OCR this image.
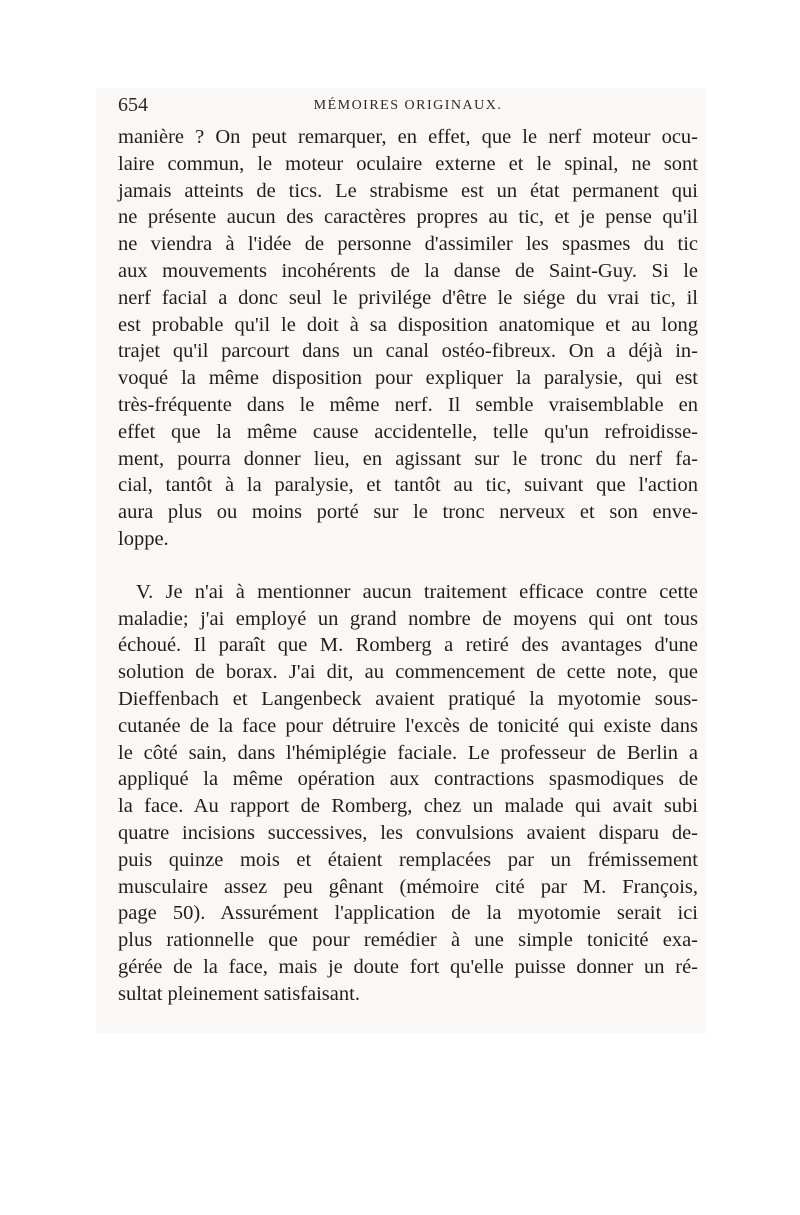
654	MÉMOIRES ORIGINAUX.

manière ? On peut remarquer, en effet, que le nerf moteur ocu-
laire commun, le moteur oculaire externe et le spinal, ne sont
jamais atteints de tics. Le strabisme est un état permanent qui
ne présente aucun des caractères propres au tic, et je pense qu'il
ne viendra à l'idée de personne d'assimiler les spasmes du tic
aux mouvements incohérents de la danse de Saint-Guy. Si le
nerf facial a donc seul le privilége d'être le siége du vrai tic, il
est probable qu'il le doit à sa disposition anatomique et au long
trajet qu'il parcourt dans un canal ostéo-fibreux. On a déjà in-
voqué la même disposition pour expliquer la paralysie, qui est
très-fréquente dans le même nerf. Il semble vraisemblable en
effet que la même cause accidentelle, telle qu'un refroidisse-
ment, pourra donner lieu, en agissant sur le tronc du nerf fa-
cial, tantôt à la paralysie, et tantôt au tic, suivant que l'action
aura plus ou moins porté sur le tronc nerveux et son enve-
loppe.

V. Je n'ai à mentionner aucun traitement efficace contre cette
maladie; j'ai employé un grand nombre de moyens qui ont tous
échoué. Il paraît que M. Romberg a retiré des avantages d'une
solution de borax. J'ai dit, au commencement de cette note, que
Dieffenbach et Langenbeck avaient pratiqué la myotomie sous-
cutanée de la face pour détruire l'excès de tonicité qui existe dans
le côté sain, dans l'hémiplégie faciale. Le professeur de Berlin a
appliqué la même opération aux contractions spasmodiques de
la face. Au rapport de Romberg, chez un malade qui avait subi
quatre incisions successives, les convulsions avaient disparu de-
puis quinze mois et étaient remplacées par un frémissement
musculaire assez peu gênant (mémoire cité par M. François,
page 50). Assurément l'application de la myotomie serait ici
plus rationnelle que pour remédier à une simple tonicité exa-
gérée de la face, mais je doute fort qu'elle puisse donner un ré-
sultat pleinement satisfaisant.
